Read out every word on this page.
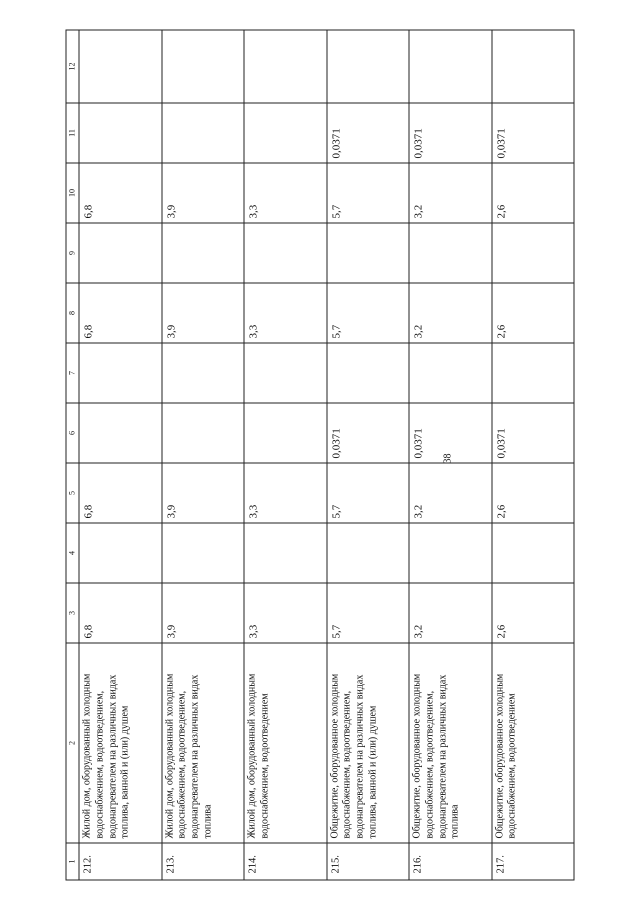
38
1	2	3	4	5	6	7	8	9	10	11	12
212.	Жилой дом, оборудованный холодным водоснабжением, водоотведением, водонагревателем на различных видах топлива, ванной и (или) душем	6,8		6,8			6,8		6,8		
213.	Жилой дом, оборудованный холодным водоснабжением, водоотведением, водонагревателем на различных видах топлива	3,9		3,9			3,9		3,9		
214.	Жилой дом, оборудованный холодным водоснабжением, водоотведением	3,3		3,3			3,3		3,3		
215.	Общежитие, оборудованное холодным водоснабжением, водоотведением, водонагревателем на различных видах топлива, ванной и (или) душем	5,7		5,7	0,0371		5,7		5,7	0,0371	
216.	Общежитие, оборудованное холодным водоснабжением, водоотведением, водонагревателем на различных видах топлива	3,2		3,2	0,0371		3,2		3,2	0,0371	
217.	Общежитие, оборудованное холодным водоснабжением, водоотведением	2,6		2,6	0,0371		2,6		2,6	0,0371	
